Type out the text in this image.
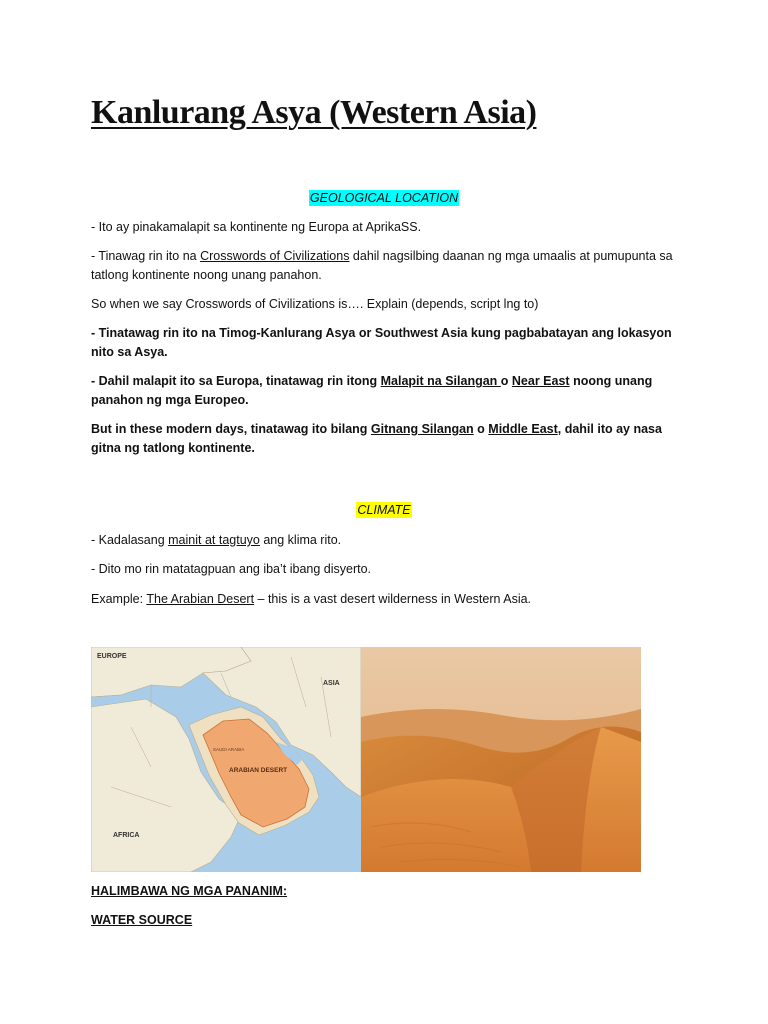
Kanlurang Asya (Western Asia)
GEOLOGICAL LOCATION

- Ito ay pinakamalapit sa kontinente ng Europa at AprikaSS.

- Tinawag rin ito na Crosswords of Civilizations dahil nagsilbing daanan ng mga umaalis at pumupunta sa tatlong kontinente noong unang panahon.

So when we say Crosswords of Civilizations is…. Explain (depends, script lng to)

- Tinatawag rin ito na Timog-Kanlurang Asya or Southwest Asia kung pagbabatayan ang lokasyon nito sa Asya.

- Dahil malapit ito sa Europa, tinatawag rin itong Malapit na Silangan o Near East noong unang panahon ng mga Europeo.

But in these modern days, tinatawag ito bilang Gitnang Silangan o Middle East, dahil ito ay nasa gitna ng tatlong kontinente.

CLIMATE

- Kadalasang mainit at tagtuyo ang klima rito.

- Dito mo rin matatagpuan ang iba’t ibang disyerto.

Example: The Arabian Desert – this is a vast desert wilderness in Western Asia.

EUROPE
ASIA
AFRICA
SAUDI ARABIA
ARABIAN DESERT
HALIMBAWA NG MGA PANANIM:
WATER SOURCE
